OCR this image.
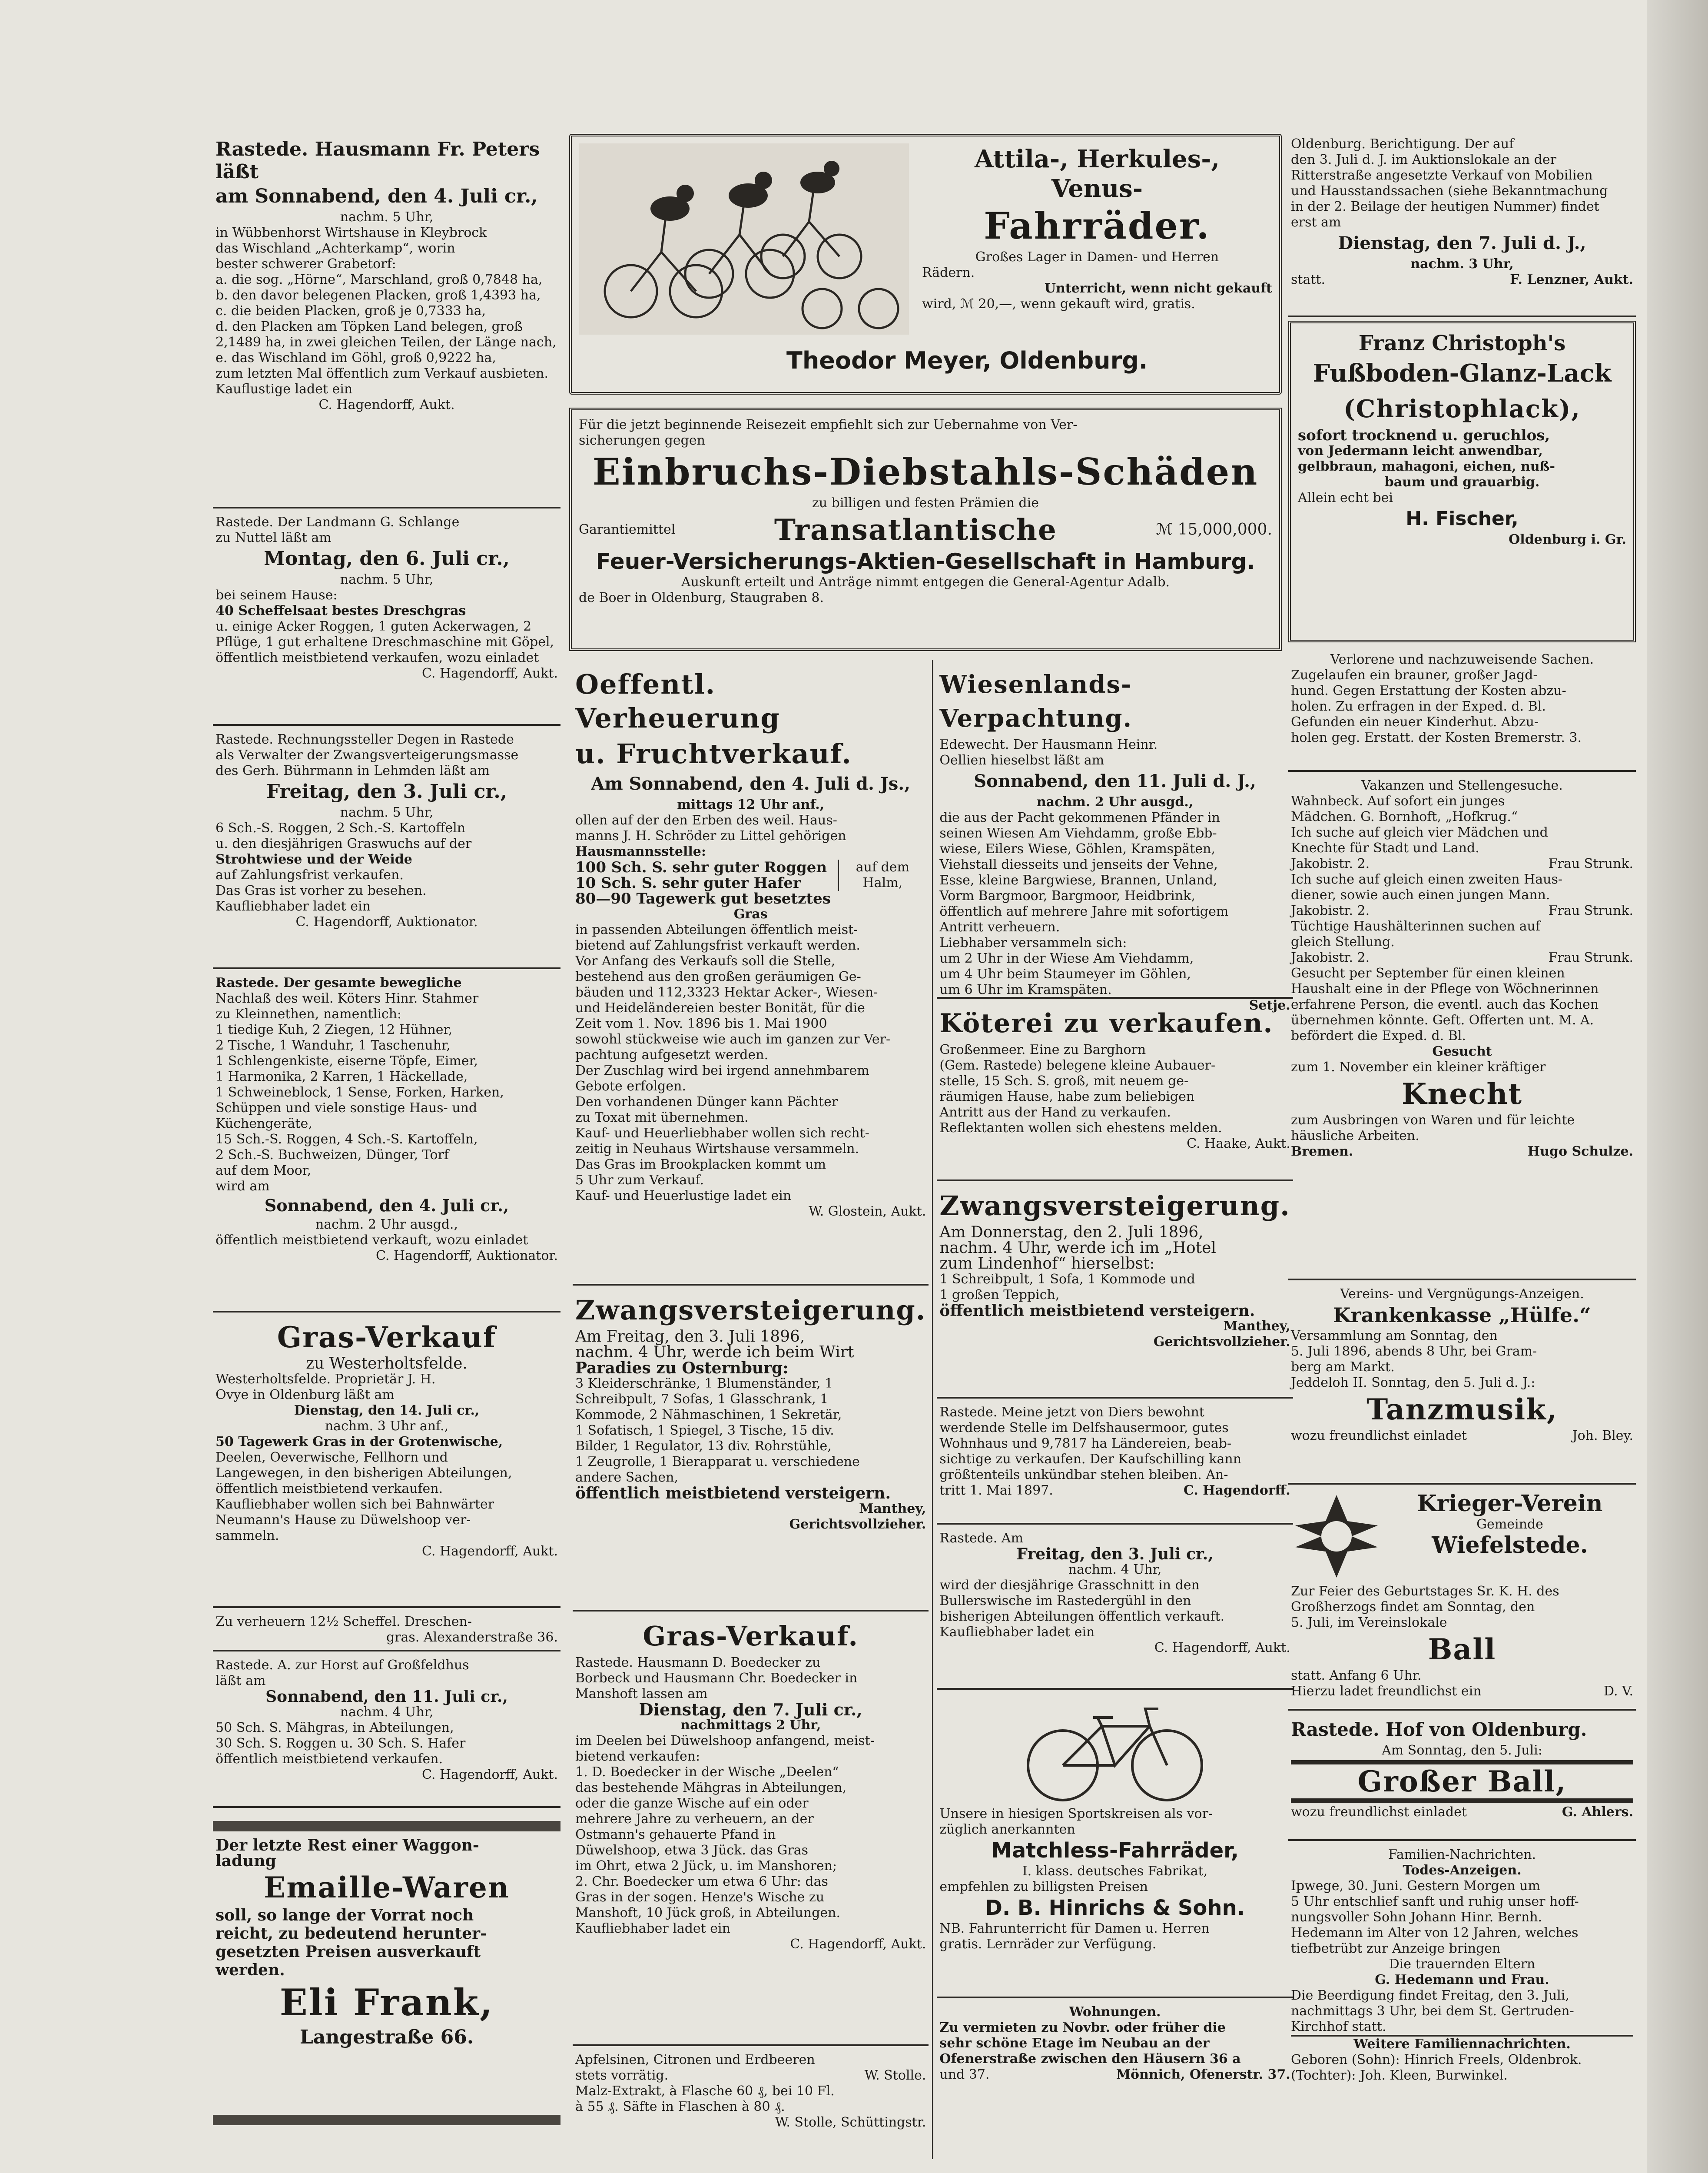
Rastede. Hausmann Fr. Peters läßt

am Sonnabend, den 4. Juli cr.,

nachm. 5 Uhr,

in Wübbenhorst Wirtshause in Kleybrock

das Wischland „Achterkamp“, worin

bester schwerer Grabetorf:

a. die sog. „Hörne“, Marschland, groß 0,7848 ha,

b. den davor belegenen Placken, groß 1,4393 ha,

c. die beiden Placken, groß je 0,7333 ha,

d. den Placken am Töpken Land belegen, groß 2,1489 ha, in zwei gleichen Teilen, der Länge nach,

e. das Wischland im Göhl, groß 0,9222 ha,

zum letzten Mal öffentlich zum Verkauf ausbieten.

Kauflustige ladet ein

C. Hagendorff, Aukt.

Rastede. Der Landmann G. Schlange

zu Nuttel läßt am

Montag, den 6. Juli cr.,

nachm. 5 Uhr,

bei seinem Hause:

40 Scheffelsaat bestes Dreschgras

u. einige Acker Roggen, 1 guten Ackerwagen, 2 Pflüge, 1 gut erhaltene Dreschmaschine mit Göpel,

öffentlich meistbietend verkaufen, wozu einladet

C. Hagendorff, Aukt.

Rastede. Rechnungssteller Degen in Rastede

als Verwalter der Zwangsverteigerungsmasse

des Gerh. Bührmann in Lehmden läßt am

Freitag, den 3. Juli cr.,

nachm. 5 Uhr,

6 Sch.-S. Roggen, 2 Sch.-S. Kartoffeln

u. den diesjährigen Graswuchs auf der

Strohtwiese und der Weide

auf Zahlungsfrist verkaufen.

Das Gras ist vorher zu besehen.

Kaufliebhaber ladet ein

C. Hagendorff, Auktionator.

Rastede. Der gesamte bewegliche

Nachlaß des weil. Köters Hinr. Stahmer

zu Kleinnethen, namentlich:

1 tiedige Kuh, 2 Ziegen, 12 Hühner,

2 Tische, 1 Wanduhr, 1 Taschenuhr,

1 Schlengenkiste, eiserne Töpfe, Eimer,

1 Harmonika, 2 Karren, 1 Häckellade,

1 Schweineblock, 1 Sense, Forken, Harken,

Schüppen und viele sonstige Haus- und Küchengeräte,

15 Sch.-S. Roggen, 4 Sch.-S. Kartoffeln,

2 Sch.-S. Buchweizen, Dünger, Torf

auf dem Moor,

wird am

Sonnabend, den 4. Juli cr.,

nachm. 2 Uhr ausgd.,

öffentlich meistbietend verkauft, wozu einladet

C. Hagendorff, Auktionator.

Gras-Verkauf

zu Westerholtsfelde.

Westerholtsfelde. Proprietär J. H.

Ovye in Oldenburg läßt am

Dienstag, den 14. Juli cr.,

nachm. 3 Uhr anf.,

50 Tagewerk Gras in der Grotenwische,

Deelen, Oeverwische, Fellhorn und

Langewegen, in den bisherigen Abteilungen,

öffentlich meistbietend verkaufen.

Kaufliebhaber wollen sich bei Bahnwärter

Neumann's Hause zu Düwelshoop ver-

sammeln.

C. Hagendorff, Aukt.

Zu verheuern 12½ Scheffel. Dreschen-

gras. Alexanderstraße 36.

Rastede. A. zur Horst auf Großfeldhus

läßt am

Sonnabend, den 11. Juli cr.,

nachm. 4 Uhr,

50 Sch. S. Mähgras, in Abteilungen,

30 Sch. S. Roggen u. 30 Sch. S. Hafer

öffentlich meistbietend verkaufen.

C. Hagendorff, Aukt.

Der letzte Rest einer Waggon-

ladung

Emaille-Waren

soll, so lange der Vorrat noch

reicht, zu bedeutend herunter-

gesetzten Preisen ausverkauft

werden.

Eli Frank,

Langestraße 66.

Attila-, Herkules-,

Venus-

Fahrräder.

Großes Lager in Damen- und Herren

Rädern.

Unterricht, wenn nicht gekauft

wird, ℳ 20,—, wenn gekauft wird, gratis.

Theodor Meyer, Oldenburg.

Für die jetzt beginnende Reisezeit empfiehlt sich zur Uebernahme von Ver-

sicherungen gegen

Einbruchs-Diebstahls-Schäden

zu billigen und festen Prämien die

Garantiemittel	Transatlantische	ℳ 15,000,000.

Feuer-Versicherungs-Aktien-Gesellschaft in Hamburg.

Auskunft erteilt und Anträge nimmt entgegen die General-Agentur Adalb.

de Boer in Oldenburg, Staugraben 8.

Oeffentl. Verheuerung

u. Fruchtverkauf.

Am Sonnabend, den 4. Juli d. Js.,

mittags 12 Uhr anf.,

ollen auf der den Erben des weil. Haus-

manns J. H. Schröder zu Littel gehörigen

Hausmannsstelle:

100 Sch. S. sehr guter Roggen

10 Sch. S. sehr guter Hafer

auf dem Halm,

80—90 Tagewerk gut besetztes

Gras

in passenden Abteilungen öffentlich meist-

bietend auf Zahlungsfrist verkauft werden.

Vor Anfang des Verkaufs soll die Stelle,

bestehend aus den großen geräumigen Ge-

bäuden und 112,3323 Hektar Acker-, Wiesen-

und Heideländereien bester Bonität, für die

Zeit vom 1. Nov. 1896 bis 1. Mai 1900

sowohl stückweise wie auch im ganzen zur Ver-

pachtung aufgesetzt werden.

Der Zuschlag wird bei irgend annehmbarem

Gebote erfolgen.

Den vorhandenen Dünger kann Pächter

zu Toxat mit übernehmen.

Kauf- und Heuerliebhaber wollen sich recht-

zeitig in Neuhaus Wirtshause versammeln.

Das Gras im Brookplacken kommt um

5 Uhr zum Verkauf.

Kauf- und Heuerlustige ladet ein

W. Glostein, Aukt.

Zwangsversteigerung.

Am Freitag, den 3. Juli 1896,

nachm. 4 Uhr, werde ich beim Wirt

Paradies zu Osternburg:

3 Kleiderschränke, 1 Blumenständer, 1

Schreibpult, 7 Sofas, 1 Glasschrank, 1

Kommode, 2 Nähmaschinen, 1 Sekretär,

1 Sofatisch, 1 Spiegel, 3 Tische, 15 div.

Bilder, 1 Regulator, 13 div. Rohrstühle,

1 Zeugrolle, 1 Bierapparat u. verschiedene

andere Sachen,

öffentlich meistbietend versteigern.

Manthey,

Gerichtsvollzieher.

Gras-Verkauf.

Rastede. Hausmann D. Boedecker zu

Borbeck und Hausmann Chr. Boedecker in

Manshoft lassen am

Dienstag, den 7. Juli cr.,

nachmittags 2 Uhr,

im Deelen bei Düwelshoop anfangend, meist-

bietend verkaufen:

1. D. Boedecker in der Wische „Deelen“

das bestehende Mähgras in Abteilungen,

oder die ganze Wische auf ein oder

mehrere Jahre zu verheuern, an der

Ostmann's gehauerte Pfand in

Düwelshoop, etwa 3 Jück. das Gras

im Ohrt, etwa 2 Jück, u. im Manshoren;

2. Chr. Boedecker um etwa 6 Uhr: das

Gras in der sogen. Henze's Wische zu

Manshoft, 10 Jück groß, in Abteilungen.

Kaufliebhaber ladet ein

C. Hagendorff, Aukt.

Apfelsinen, Citronen und Erdbeeren

stets vorrätig.	W. Stolle.

Malz-Extrakt, à Flasche 60 ₰, bei 10 Fl.

à 55 ₰. Säfte in Flaschen à 80 ₰.

W. Stolle, Schüttingstr.

Wiesenlands-Verpachtung.

Edewecht. Der Hausmann Heinr.

Oellien hieselbst läßt am

Sonnabend, den 11. Juli d. J.,

nachm. 2 Uhr ausgd.,

die aus der Pacht gekommenen Pfänder in

seinen Wiesen Am Viehdamm, große Ebb-

wiese, Eilers Wiese, Göhlen, Kramspäten,

Viehstall diesseits und jenseits der Vehne,

Esse, kleine Bargwiese, Brannen, Unland,

Vorm Bargmoor, Bargmoor, Heidbrink,

öffentlich auf mehrere Jahre mit sofortigem

Antritt verheuern.

Liebhaber versammeln sich:

um 2 Uhr in der Wiese Am Viehdamm,

um 4 Uhr beim Staumeyer im Göhlen,

um 6 Uhr im Kramspäten.

Setje.

Köterei zu verkaufen.

Großenmeer. Eine zu Barghorn

(Gem. Rastede) belegene kleine Aubauer-

stelle, 15 Sch. S. groß, mit neuem ge-

räumigen Hause, habe zum beliebigen

Antritt aus der Hand zu verkaufen.

Reflektanten wollen sich ehestens melden.

C. Haake, Aukt.

Zwangsversteigerung.

Am Donnerstag, den 2. Juli 1896,

nachm. 4 Uhr, werde ich im „Hotel

zum Lindenhof“ hierselbst:

1 Schreibpult, 1 Sofa, 1 Kommode und

1 großen Teppich,

öffentlich meistbietend versteigern.

Manthey,

Gerichtsvollzieher.

Rastede. Meine jetzt von Diers bewohnt

werdende Stelle im Delfshausermoor, gutes

Wohnhaus und 9,7817 ha Ländereien, beab-

sichtige zu verkaufen. Der Kaufschilling kann

größtenteils unkündbar stehen bleiben. An-

tritt 1. Mai 1897.	C. Hagendorff.

Rastede. Am

Freitag, den 3. Juli cr.,

nachm. 4 Uhr,

wird der diesjährige Grasschnitt in den

Bullerswische im Rastedergühl in den

bisherigen Abteilungen öffentlich verkauft.

Kaufliebhaber ladet ein

C. Hagendorff, Aukt.

Unsere in hiesigen Sportskreisen als vor-

züglich anerkannten

Matchless-Fahrräder,

I. klass. deutsches Fabrikat,

empfehlen zu billigsten Preisen

D. B. Hinrichs & Sohn.

NB. Fahrunterricht für Damen u. Herren

gratis. Lernräder zur Verfügung.

Wohnungen.

Zu vermieten zu Novbr. oder früher die

sehr schöne Etage im Neubau an der

Ofenerstraße zwischen den Häusern 36 a

und 37.	Mönnich, Ofenerstr. 37.

Oldenburg. Berichtigung. Der auf

den 3. Juli d. J. im Auktionslokale an der

Ritterstraße angesetzte Verkauf von Mobilien

und Hausstandssachen (siehe Bekanntmachung

in der 2. Beilage der heutigen Nummer) findet

erst am

Dienstag, den 7. Juli d. J.,

nachm. 3 Uhr,

statt.	F. Lenzner, Aukt.

Franz Christoph's

Fußboden-Glanz-Lack

(Christophlack),

sofort trocknend u. geruchlos,

von Jedermann leicht anwendbar,

gelbbraun, mahagoni, eichen, nuß-

baum und grauarbig.

Allein echt bei

H. Fischer,

Oldenburg i. Gr.

Verlorene und nachzuweisende Sachen.

Zugelaufen ein brauner, großer Jagd-

hund. Gegen Erstattung der Kosten abzu-

holen. Zu erfragen in der Exped. d. Bl.

Gefunden ein neuer Kinderhut. Abzu-

holen geg. Erstatt. der Kosten Bremerstr. 3.

Vakanzen und Stellengesuche.

Wahnbeck. Auf sofort ein junges

Mädchen. G. Bornhoft, „Hofkrug.“

Ich suche auf gleich vier Mädchen und

Knechte für Stadt und Land.

Jakobistr. 2.	Frau Strunk.

Ich suche auf gleich einen zweiten Haus-

diener, sowie auch einen jungen Mann.

Jakobistr. 2.	Frau Strunk.

Tüchtige Haushälterinnen suchen auf

gleich Stellung.

Jakobistr. 2.	Frau Strunk.

Gesucht per September für einen kleinen

Haushalt eine in der Pflege von Wöchnerinnen

erfahrene Person, die eventl. auch das Kochen

übernehmen könnte. Geft. Offerten unt. M. A.

befördert die Exped. d. Bl.

Gesucht

zum 1. November ein kleiner kräftiger

Knecht

zum Ausbringen von Waren und für leichte

häusliche Arbeiten.

Bremen.	Hugo Schulze.

Vereins- und Vergnügungs-Anzeigen.

Krankenkasse „Hülfe.“

Versammlung am Sonntag, den

5. Juli 1896, abends 8 Uhr, bei Gram-

berg am Markt.

Jeddeloh II. Sonntag, den 5. Juli d. J.:

Tanzmusik,

wozu freundlichst einladet	Joh. Bley.

Krieger-Verein

Gemeinde

Wiefelstede.

Zur Feier des Geburtstages Sr. K. H. des

Großherzogs findet am Sonntag, den

5. Juli, im Vereinslokale

Ball

statt. Anfang 6 Uhr.

Hierzu ladet freundlichst ein	D. V.

Rastede. Hof von Oldenburg.

Am Sonntag, den 5. Juli:

Großer Ball,

wozu freundlichst einladet	G. Ahlers.

Familien-Nachrichten.

Todes-Anzeigen.

Ipwege, 30. Juni. Gestern Morgen um

5 Uhr entschlief sanft und ruhig unser hoff-

nungsvoller Sohn Johann Hinr. Bernh.

Hedemann im Alter von 12 Jahren, welches

tiefbetrübt zur Anzeige bringen

Die trauernden Eltern

G. Hedemann und Frau.

Die Beerdigung findet Freitag, den 3. Juli,

nachmittags 3 Uhr, bei dem St. Gertruden-

Kirchhof statt.

Weitere Familiennachrichten.

Geboren (Sohn): Hinrich Freels, Oldenbrok.

(Tochter): Joh. Kleen, Burwinkel.
